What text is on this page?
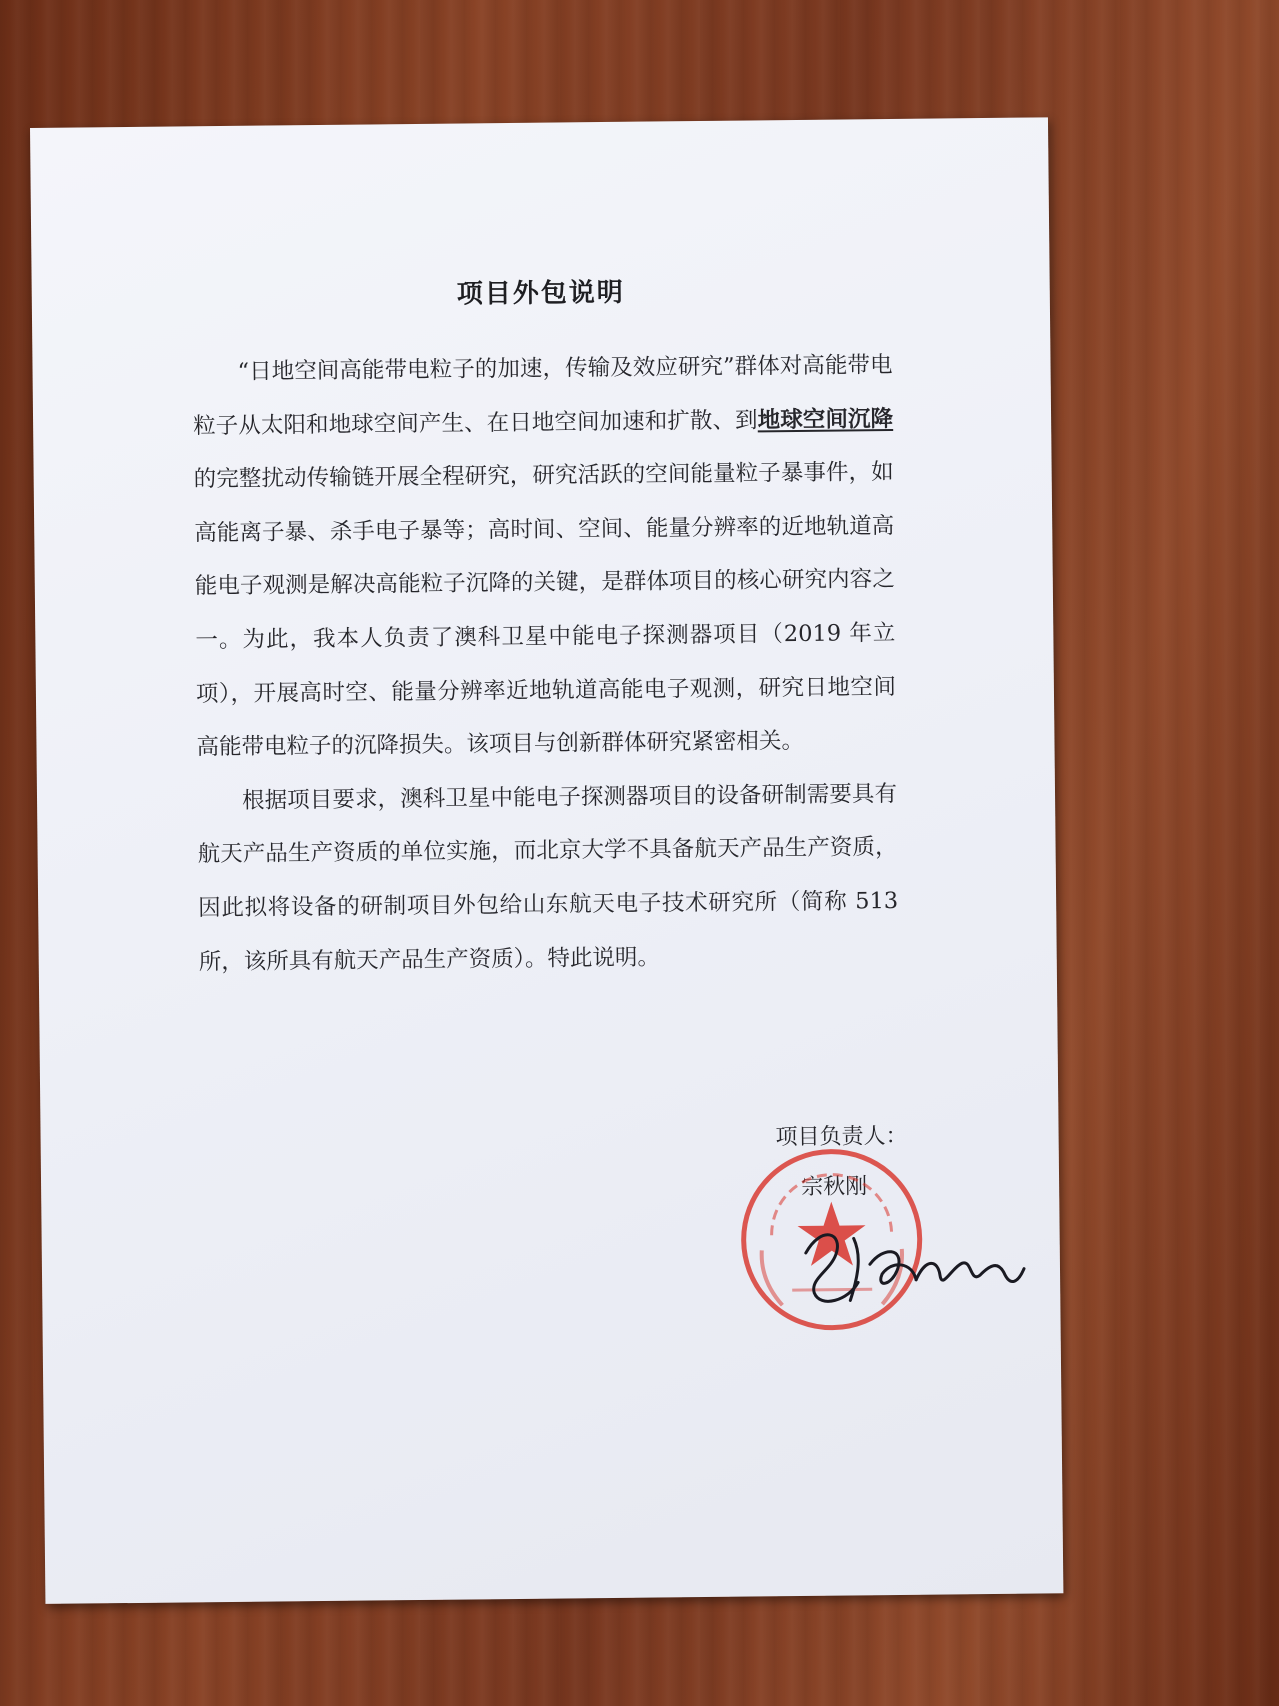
项目外包说明

“日地空间高能带电粒子的加速，传输及效应研究”群体对高能带电粒子从太阳和地球空间产生、在日地空间加速和扩散、到地球空间沉降的完整扰动传输链开展全程研究，研究活跃的空间能量粒子暴事件，如高能离子暴、杀手电子暴等；高时间、空间、能量分辨率的近地轨道高能电子观测是解决高能粒子沉降的关键，是群体项目的核心研究内容之一。为此，我本人负责了澳科卫星中能电子探测器项目（2019 年立项），开展高时空、能量分辨率近地轨道高能电子观测，研究日地空间高能带电粒子的沉降损失。该项目与创新群体研究紧密相关。

根据项目要求，澳科卫星中能电子探测器项目的设备研制需要具有航天产品生产资质的单位实施，而北京大学不具备航天产品生产资质，因此拟将设备的研制项目外包给山东航天电子技术研究所（简称 513 所，该所具有航天产品生产资质）。特此说明。

项目负责人：
宗秋刚
